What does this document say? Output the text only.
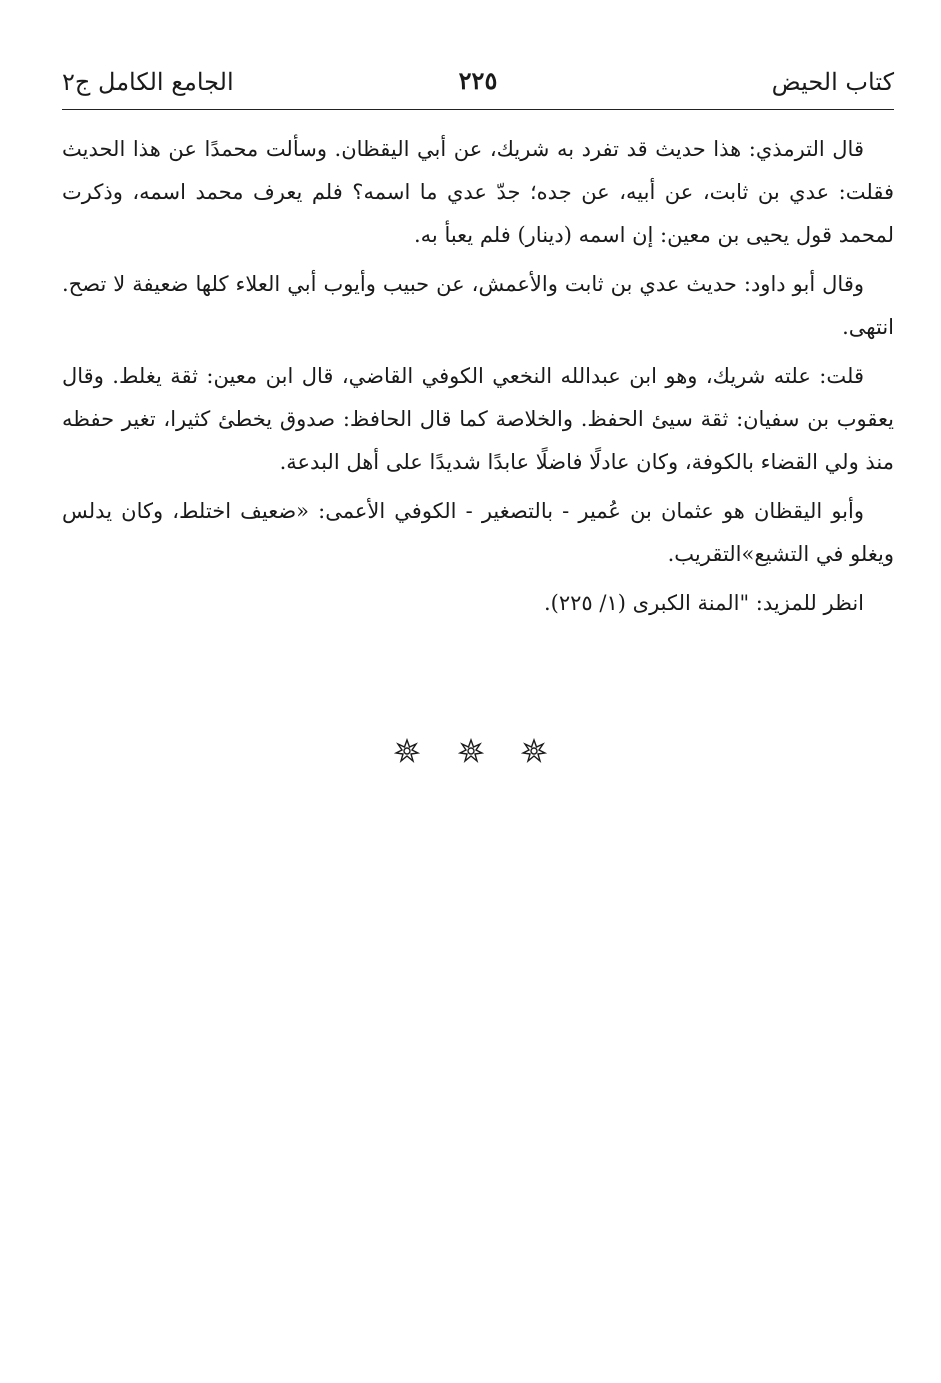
كتاب الحيض
٢٢٥
الجامع الكامل ج٢

قال الترمذي: هذا حديث قد تفرد به شريك، عن أبي اليقظان. وسألت محمدًا عن هذا الحديث فقلت: عدي بن ثابت، عن أبيه، عن جده؛ جدّ عدي ما اسمه؟ فلم يعرف محمد اسمه، وذكرت لمحمد قول يحيى بن معين: إن اسمه (دينار) فلم يعبأ به.

وقال أبو داود: حديث عدي بن ثابت والأعمش، عن حبيب وأيوب أبي العلاء كلها ضعيفة لا تصح. انتهى.

قلت: علته شريك، وهو ابن عبدالله النخعي الكوفي القاضي، قال ابن معين: ثقة يغلط. وقال يعقوب بن سفيان: ثقة سيئ الحفظ. والخلاصة كما قال الحافظ: صدوق يخطئ كثيرا، تغير حفظه منذ ولي القضاء بالكوفة، وكان عادلًا فاضلًا عابدًا شديدًا على أهل البدعة.

وأبو اليقظان هو عثمان بن عُمير - بالتصغير - الكوفي الأعمى: «ضعيف اختلط، وكان يدلس ويغلو في التشيع»التقريب.

انظر للمزيد: "المنة الكبرى (١/ ٢٢٥).
